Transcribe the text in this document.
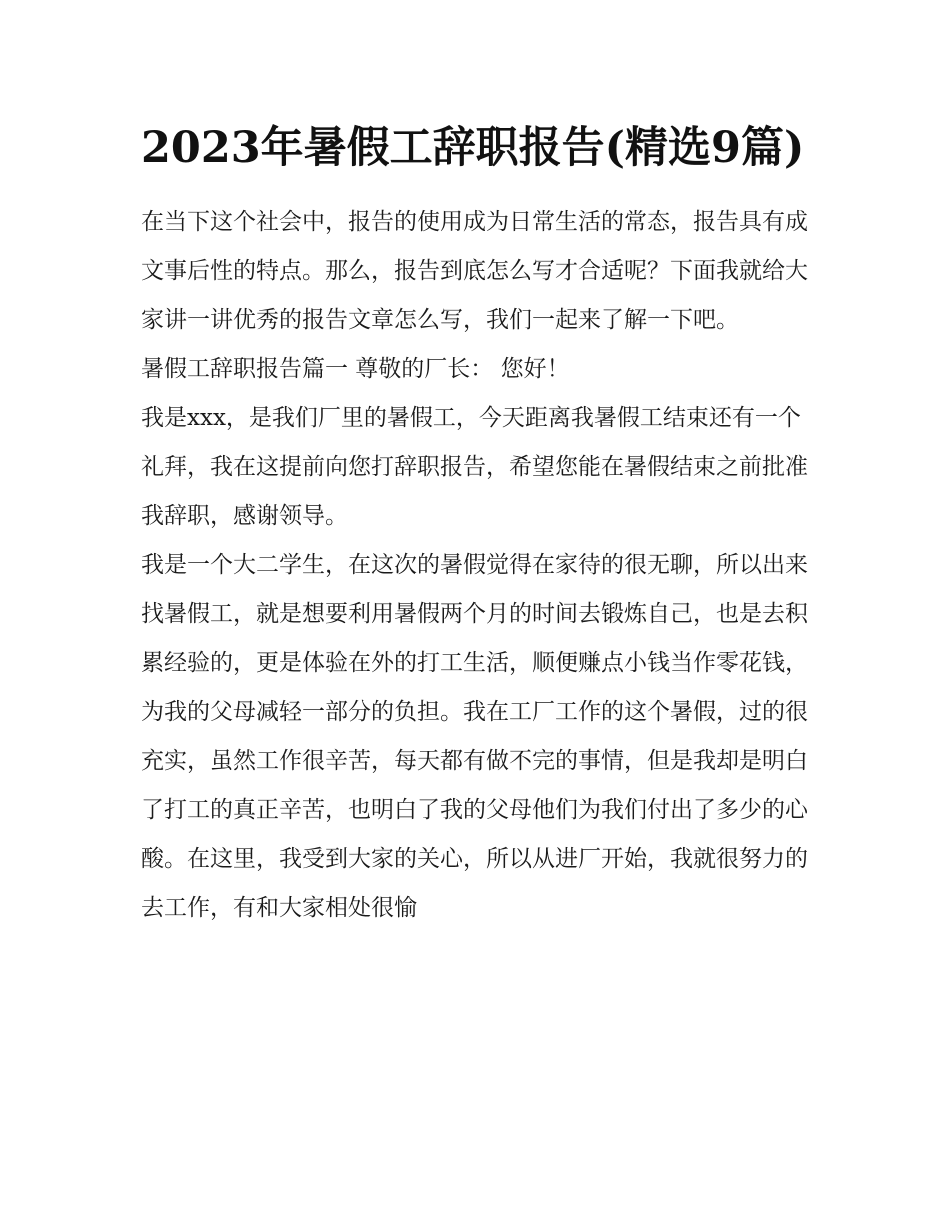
2023年暑假工辞职报告(精选9篇)

在当下这个社会中，报告的使用成为日常生活的常态，报告具有成文事后性的特点。那么，报告到底怎么写才合适呢？下面我就给大家讲一讲优秀的报告文章怎么写，我们一起来了解一下吧。

暑假工辞职报告篇一 尊敬的厂长： 您好！

我是xxx，是我们厂里的暑假工，今天距离我暑假工结束还有一个礼拜，我在这提前向您打辞职报告，希望您能在暑假结束之前批准我辞职，感谢领导。

我是一个大二学生，在这次的暑假觉得在家待的很无聊，所以出来找暑假工，就是想要利用暑假两个月的时间去锻炼自己，也是去积累经验的，更是体验在外的打工生活，顺便赚点小钱当作零花钱，为我的父母减轻一部分的负担。我在工厂工作的这个暑假，过的很充实，虽然工作很辛苦，每天都有做不完的事情，但是我却是明白了打工的真正辛苦，也明白了我的父母他们为我们付出了多少的心酸。在这里，我受到大家的关心，所以从进厂开始，我就很努力的去工作，有和大家相处很愉
